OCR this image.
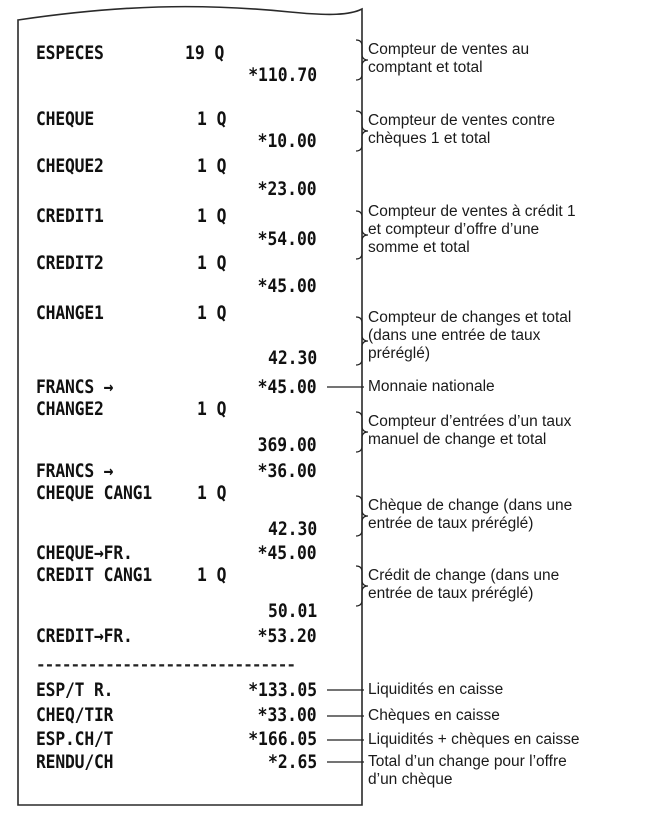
ESPECES	19 Q
*110.70
CHEQUE	1 Q
*10.00
CHEQUE2	1 Q
*23.00
CREDIT1	1 Q
*54.00
CREDIT2	1 Q
*45.00
CHANGE1	1 Q
42.30
FRANCS →	*45.00
CHANGE2	1 Q
369.00
FRANCS →	*36.00
CHEQUE CANG1 1 Q
42.30
CHEQUE→FR.	*45.00
CREDIT CANG1 1 Q
50.01
CREDIT→FR.	*53.20
------------------------------
ESP/T R.	*133.05
CHEQ/TIR	*33.00
ESP.CH/T	*166.05
RENDU/CH	*2.65
Compteur de ventes au
comptant et total
Compteur de ventes contre
chèques 1 et total
Compteur de ventes à crédit 1
et compteur d’offre d’une
somme et total
Compteur de changes et total
(dans une entrée de taux
préréglé)
Monnaie nationale
Compteur d’entrées d’un taux
manuel de change et total
Chèque de change (dans une
entrée de taux préréglé)
Crédit de change (dans une
entrée de taux préréglé)
Liquidités en caisse
Chèques en caisse
Liquidités + chèques en caisse
Total d’un change pour l’offre
d’un chèque
